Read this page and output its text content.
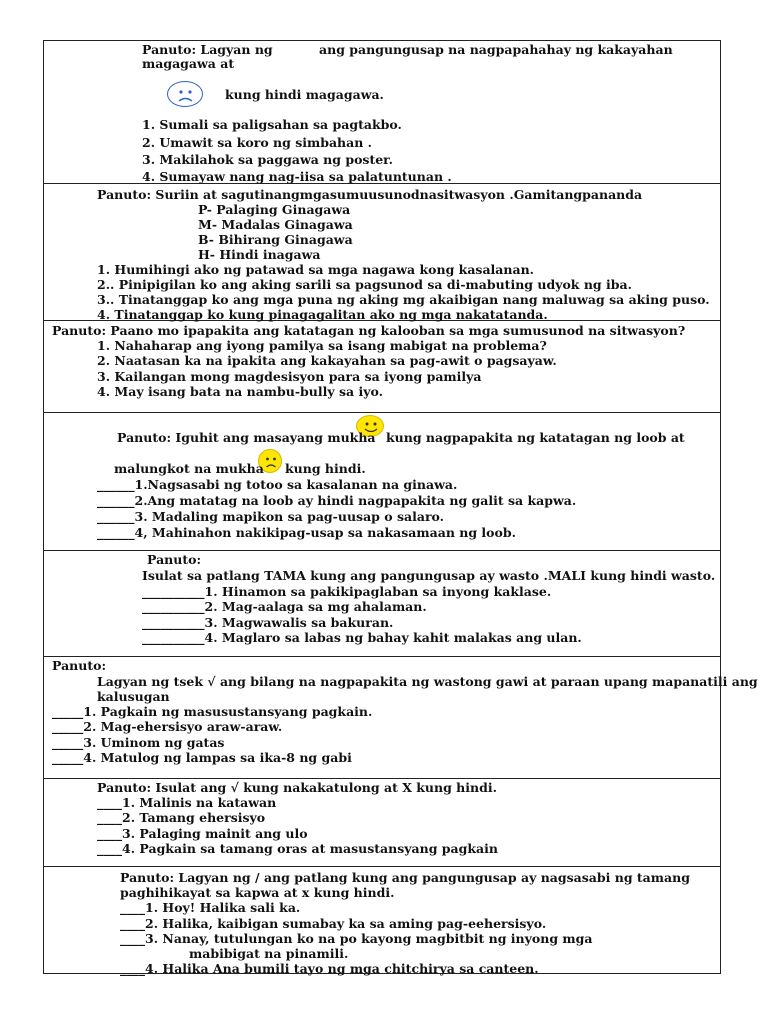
Panuto: Lagyan ng	ang pangungusap na nagpapahahay ng kakayahan
magagawa at
kung hindi magagawa.
1. Sumali sa paligsahan sa pagtakbo.
2. Umawit sa koro ng simbahan .
3. Makilahok sa paggawa ng poster.
4. Sumayaw nang nag-iisa sa palatuntunan .
Panuto: Suriin at sagutinangmgasumuusunodnasitwasyon .Gamitangpananda
P- Palaging Ginagawa
M- Madalas Ginagawa
B- Bihirang Ginagawa
H- Hindi inagawa
1. Humihingi ako ng patawad sa mga nagawa kong kasalanan.
2.. Pinipigilan ko ang aking sarili sa pagsunod sa di-mabuting udyok ng iba.
3.. Tinatanggap ko ang mga puna ng aking mg akaibigan nang maluwag sa aking puso.
4. Tinatanggap ko kung pinagagalitan ako ng mga nakatatanda.
Panuto: Paano mo ipapakita ang katatagan ng kalooban sa mga sumusunod na sitwasyon?
1. Nahaharap ang iyong pamilya sa isang mabigat na problema?
2. Naatasan ka na ipakita ang kakayahan sa pag-awit o pagsayaw.
3. Kailangan mong magdesisyon para sa iyong pamilya
4. May isang bata na nambu-bully sa iyo.
Panuto: Iguhit ang masayang mukha kung nagpapakita ng katatagan ng loob at
malungkot na mukha kung hindi.
______1.Nagsasabi ng totoo sa kasalanan na ginawa.
______2.Ang matatag na loob ay hindi nagpapakita ng galit sa kapwa.
______3. Madaling mapikon sa pag-uusap o salaro.
______4, Mahinahon nakikipag-usap sa nakasamaan ng loob.
Panuto:
Isulat sa patlang TAMA kung ang pangungusap ay wasto .MALI kung hindi wasto.
__________1. Hinamon sa pakikipaglaban sa inyong kaklase.
__________2. Mag-aalaga sa mg ahalaman.
__________3. Magwawalis sa bakuran.
__________4. Maglaro sa labas ng bahay kahit malakas ang ulan.
Panuto:
Lagyan ng tsek √ ang bilang na nagpapakita ng wastong gawi at paraan upang mapanatili ang
kalusugan
_____1. Pagkain ng masusustansyang pagkain.
_____2. Mag-ehersisyo araw-araw.
_____3. Uminom ng gatas
_____4. Matulog ng lampas sa ika-8 ng gabi
Panuto: Isulat ang √ kung nakakatulong at X kung hindi.
____1. Malinis na katawan
____2. Tamang ehersisyo
____3. Palaging mainit ang ulo
____4. Pagkain sa tamang oras at masustansyang pagkain
Panuto: Lagyan ng / ang patlang kung ang pangungusap ay nagsasabi ng tamang
paghihikayat sa kapwa at x kung hindi.
____1. Hoy! Halika sali ka.
____2. Halika, kaibigan sumabay ka sa aming pag-eehersisyo.
____3. Nanay, tutulungan ko na po kayong magbitbit ng inyong mga
mabibigat na pinamili.
____4. Halika Ana bumili tayo ng mga chitchirya sa canteen.
